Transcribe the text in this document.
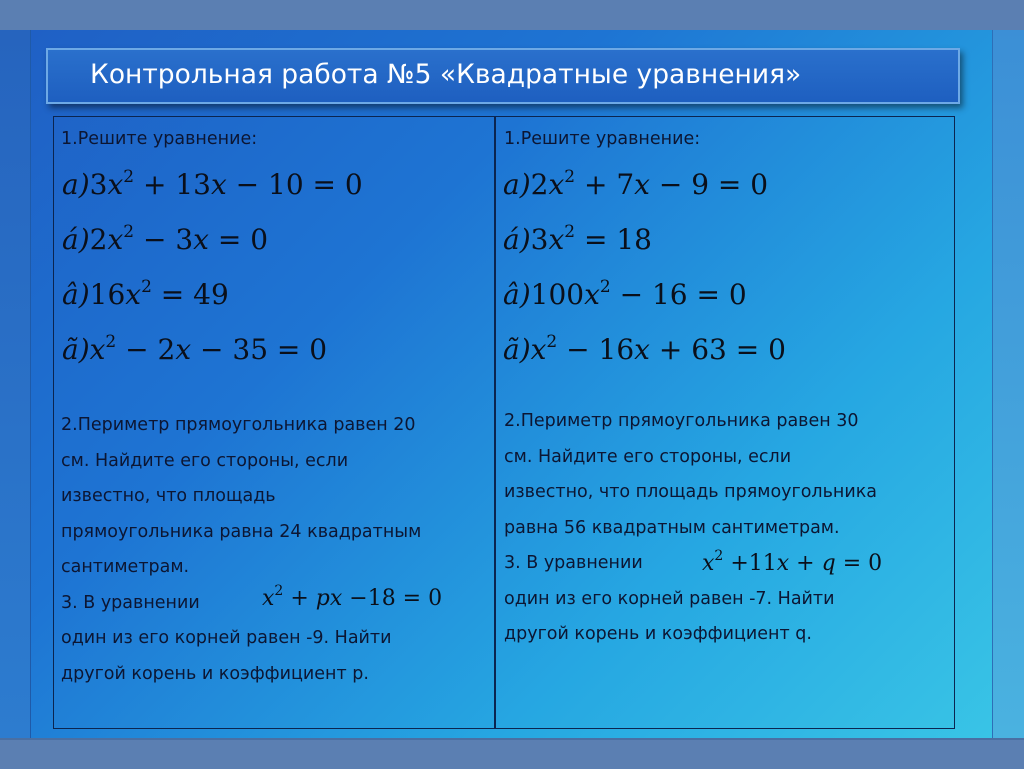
Контрольная работа №5 «Квадратные уравнения»
1.Решите уравнение:
$а)3x^2 + 13x - 10 = 0$
$á)2x^2 - 3x = 0$
$â)16x^2 = 49$
$ã)x^2 - 2x - 35 = 0$
2.Периметр прямоугольника равен 20
см. Найдите его стороны, если
известно, что площадь
прямоугольника равна 24 квадратным
сантиметрам.
3. В уравнении
один из его корней равен -9. Найти
другой корень и коэффициент р.
$x^2$ + px −18 = 0
1.Решите уравнение:
$а)2x^2 + 7x - 9 = 0$
$á)3x^2 = 18$
$â)100x^2 - 16 = 0$
$ã)x^2 - 16x + 63 = 0$
2.Периметр прямоугольника равен 30
см. Найдите его стороны, если
известно, что площадь прямоугольника
равна 56 квадратным сантиметрам.
3. В уравнении
один из его корней равен -7. Найти
другой корень и коэффициент q.
$x^2 +11x + q = 0$
